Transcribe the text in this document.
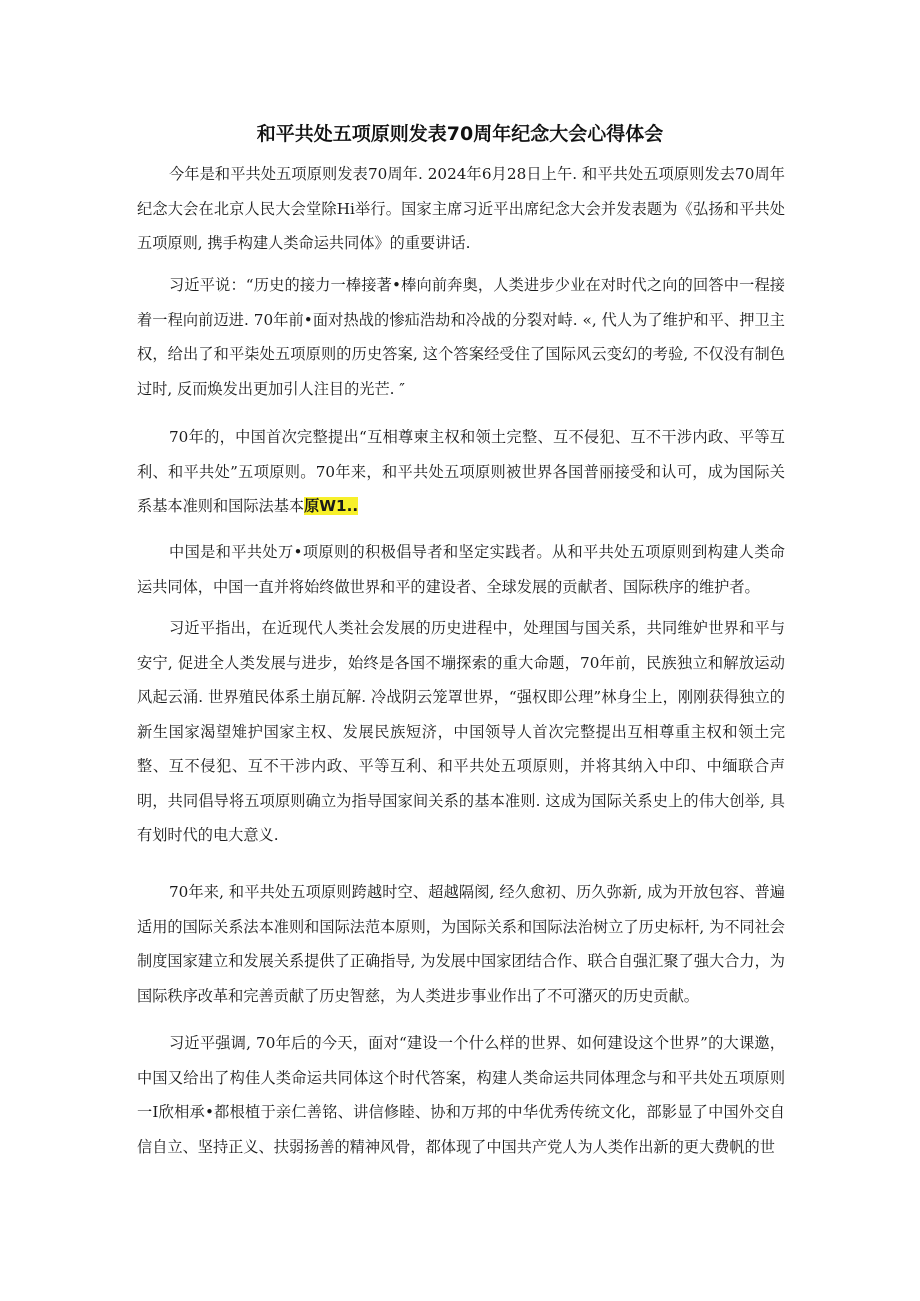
和平共处五项原则发表70周年纪念大会心得体会

今年是和平共处五项原则发表70周年. 2024年6月28日上午. 和平共处五项原则发去70周年纪念大会在北京人民大会堂除Hi举行。国家主席习近平出席纪念大会并发表题为《弘扬和平共处五项原则, 携手构建人类命运共同体》的重要讲话.

习近平说：“历史的接力一棒接著•棒向前奔奥，人类进步少业在对时代之向的回答中一程接着一程向前迈进. 70年前•面对热战的惨疝浩劫和冷战的分裂对峙. «, 代人为了维护和平、押卫主权，给出了和平柒处五项原则的历史答案, 这个答案经受住了国际风云变幻的考验, 不仅没有制色过时, 反而焕发出更加引人注目的光芒. ″

70年的，中国首次完整提出“互相尊柬主权和领土完整、互不侵犯、互不干涉内政、平等互利、和平共处”五项原则。70年来，和平共处五项原则被世界各国普丽接受和认可，成为国际关系基本准则和国际法基本原W1..

中国是和平共处万•项原则的积极倡导者和坚定实践者。从和平共处五项原则到构建人类命运共同体，中国一直并将始终做世界和平的建设者、全球发展的贡献者、国际秩序的维护者。

习近平指出，在近现代人类社会发展的历史进程中，处理国与国关系，共同维妒世界和平与安宁, 促进全人类发展与进步，始终是各国不塴探索的重大命题，70年前，民族独立和解放运动风起云涌. 世界殖民体系土崩瓦解. 冷战阴云笼罩世界，“强权即公理”林身尘上，刚刚获得独立的新生国家渴望雉护国家主权、发展民族短济，中国领导人首次完整提出互相尊重主权和领土完整、互不侵犯、互不干涉内政、平等互利、和平共处五项原则，并将其纳入中印、中缅联合声明，共同倡导将五项原则确立为指导国家间关系的基本准则. 这成为国际关系史上的伟大创举, 具有划时代的电大意义.

70年来, 和平共处五项原则跨越时空、超越隔阂, 经久愈初、历久弥新, 成为开放包容、普遍适用的国际关系法本准则和国际法范本原则，为国际关系和国际法治树立了历史标杆, 为不同社会制度国家建立和发展关系提供了正确指导, 为发展中国家团结合作、联合自强汇聚了强大合力，为国际秩序改革和完善贡献了历史智慈，为人类进步事业作出了不可潴灭的历史贡献。

习近平强调, 70年后的今天，面对“建设一个什么样的世界、如何建设这个世界”的大课邀，中国又给出了构佳人类命运共同体这个时代答案，构建人类命运共同体理念与和平共处五项原则一I欣相承•都根植于亲仁善铭、讲信修睦、协和万邦的中华优秀传统文化，部影显了中国外交自信自立、坚持正义、扶弱扬善的精神风骨，都体现了中国共产党人为人类作出新的更大费帆的世
